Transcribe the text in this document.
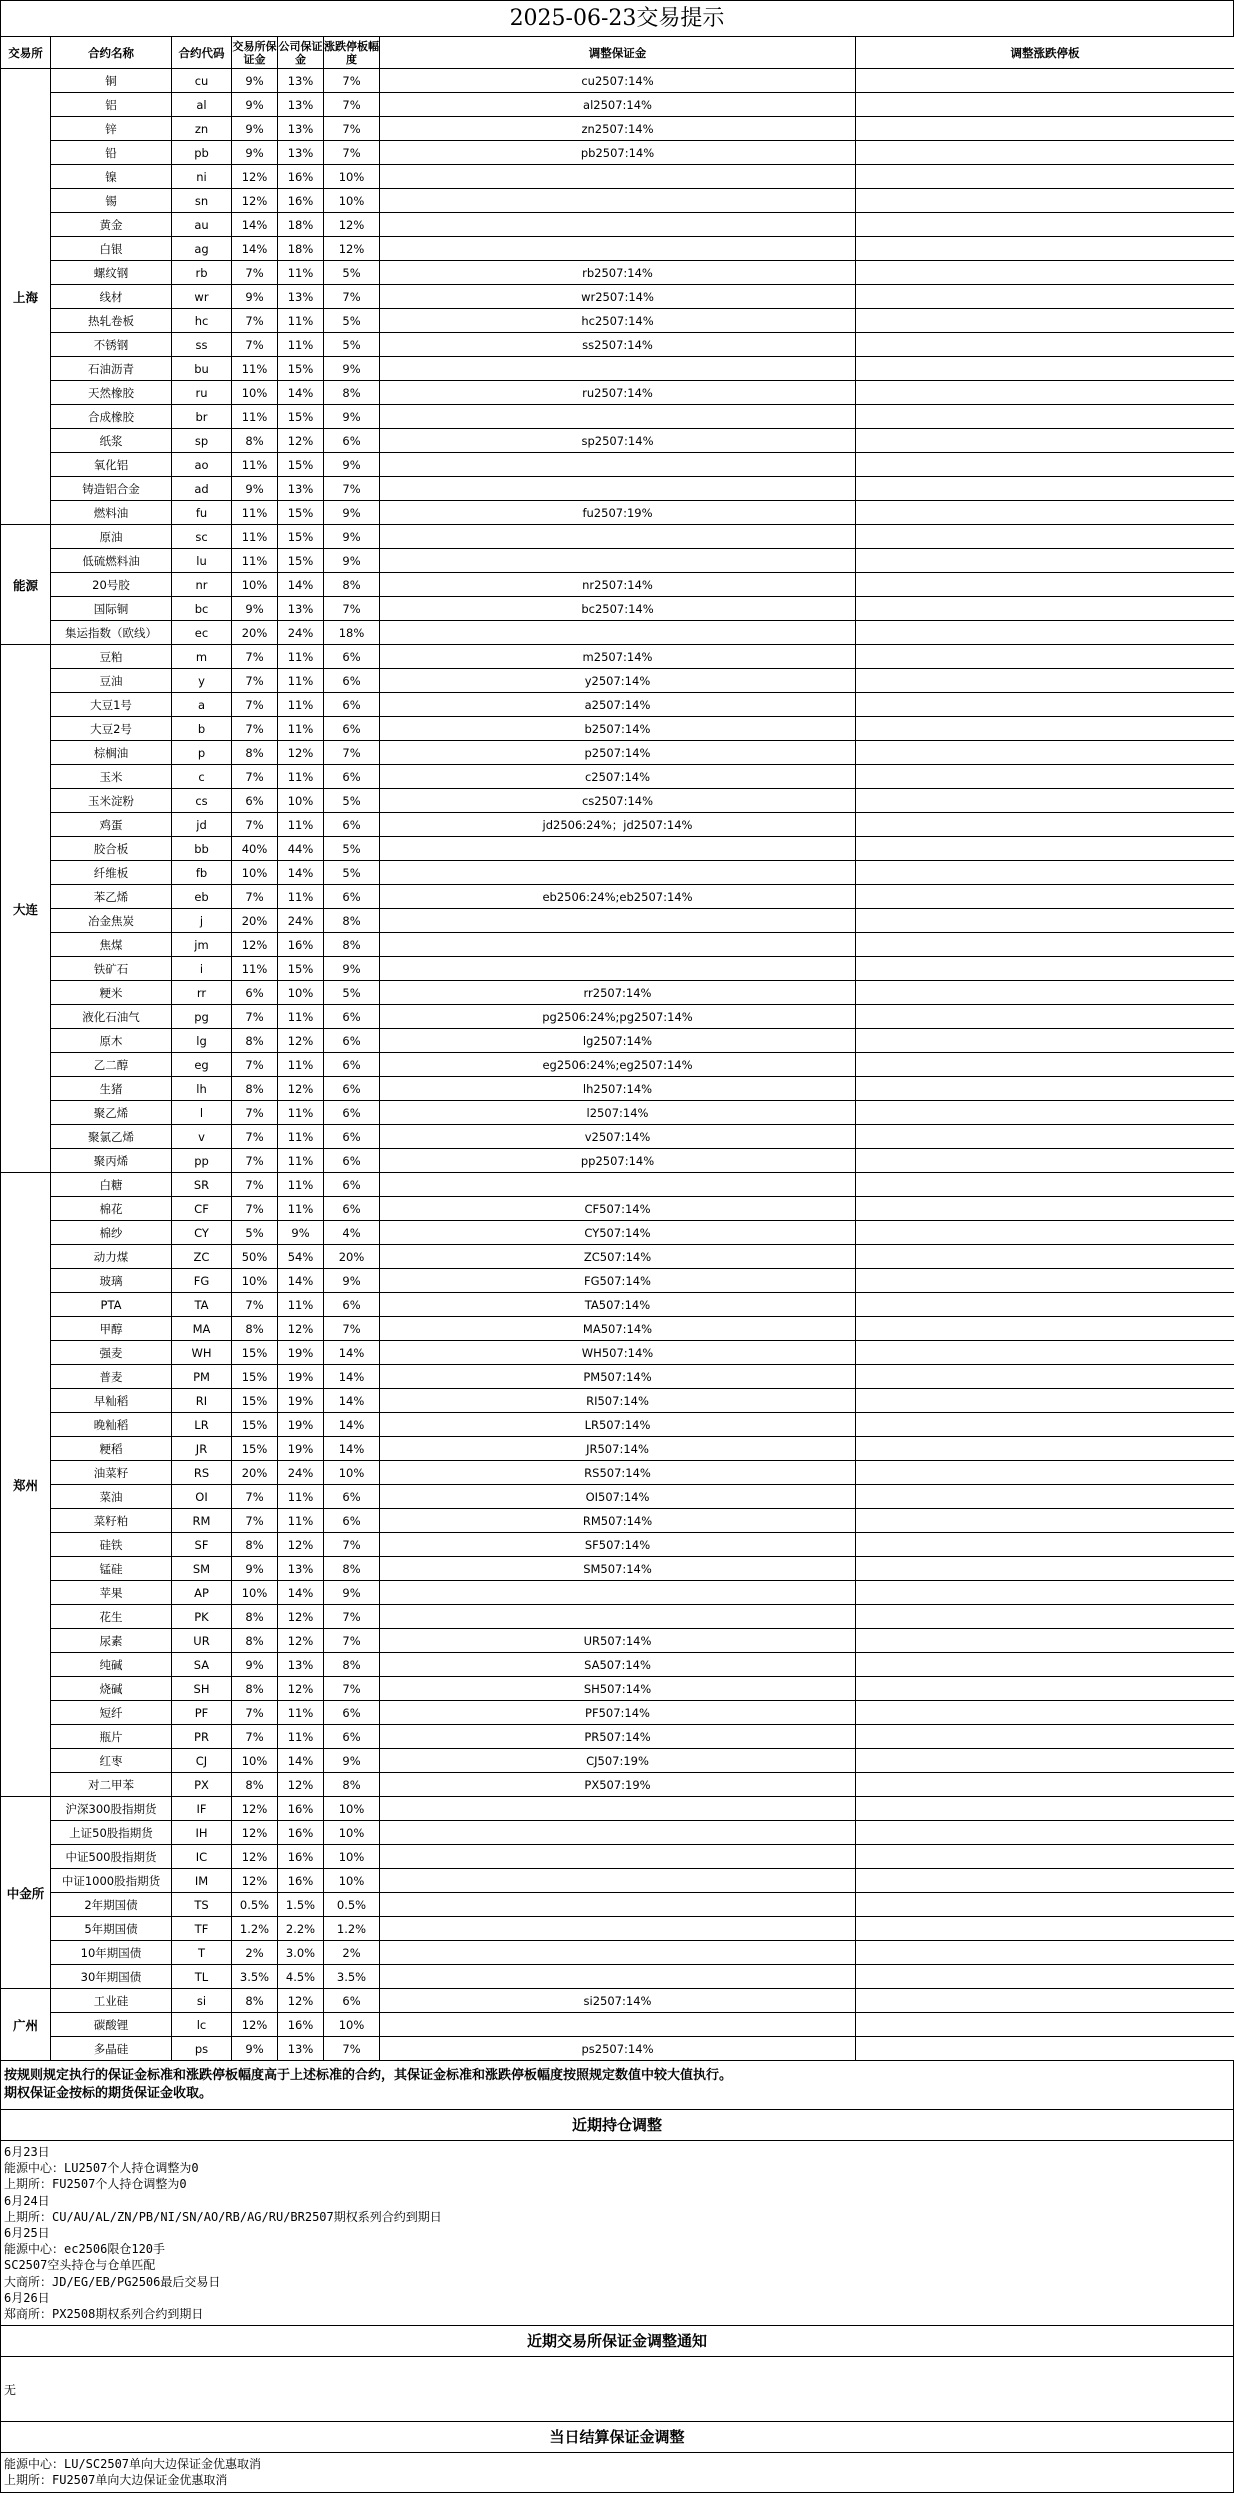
2025-06-23交易提示
交易所	合约名称	合约代码	交易所保证金	公司保证金	涨跌停板幅度	调整保证金	调整涨跌停板
上海	铜	cu	9%	13%	7%	cu2507:14%	
	铝	al	9%	13%	7%	al2507:14%	
	锌	zn	9%	13%	7%	zn2507:14%	
	铅	pb	9%	13%	7%	pb2507:14%	
	镍	ni	12%	16%	10%		
	锡	sn	12%	16%	10%		
	黄金	au	14%	18%	12%		
	白银	ag	14%	18%	12%		
	螺纹钢	rb	7%	11%	5%	rb2507:14%	
	线材	wr	9%	13%	7%	wr2507:14%	
	热轧卷板	hc	7%	11%	5%	hc2507:14%	
	不锈钢	ss	7%	11%	5%	ss2507:14%	
	石油沥青	bu	11%	15%	9%		
	天然橡胶	ru	10%	14%	8%	ru2507:14%	
	合成橡胶	br	11%	15%	9%		
	纸浆	sp	8%	12%	6%	sp2507:14%	
	氧化铝	ao	11%	15%	9%		
	铸造铝合金	ad	9%	13%	7%		
	燃料油	fu	11%	15%	9%	fu2507:19%	
能源	原油	sc	11%	15%	9%		
	低硫燃料油	lu	11%	15%	9%		
	20号胶	nr	10%	14%	8%	nr2507:14%	
	国际铜	bc	9%	13%	7%	bc2507:14%	
	集运指数（欧线）	ec	20%	24%	18%		
大连	豆粕	m	7%	11%	6%	m2507:14%	
	豆油	y	7%	11%	6%	y2507:14%	
	大豆1号	a	7%	11%	6%	a2507:14%	
	大豆2号	b	7%	11%	6%	b2507:14%	
	棕榈油	p	8%	12%	7%	p2507:14%	
	玉米	c	7%	11%	6%	c2507:14%	
	玉米淀粉	cs	6%	10%	5%	cs2507:14%	
	鸡蛋	jd	7%	11%	6%	jd2506:24%；jd2507:14%	
	胶合板	bb	40%	44%	5%		
	纤维板	fb	10%	14%	5%		
	苯乙烯	eb	7%	11%	6%	eb2506:24%;eb2507:14%	
	冶金焦炭	j	20%	24%	8%		
	焦煤	jm	12%	16%	8%		
	铁矿石	i	11%	15%	9%		
	粳米	rr	6%	10%	5%	rr2507:14%	
	液化石油气	pg	7%	11%	6%	pg2506:24%;pg2507:14%	
	原木	lg	8%	12%	6%	lg2507:14%	
	乙二醇	eg	7%	11%	6%	eg2506:24%;eg2507:14%	
	生猪	lh	8%	12%	6%	lh2507:14%	
	聚乙烯	l	7%	11%	6%	l2507:14%	
	聚氯乙烯	v	7%	11%	6%	v2507:14%	
	聚丙烯	pp	7%	11%	6%	pp2507:14%	
郑州	白糖	SR	7%	11%	6%		
	棉花	CF	7%	11%	6%	CF507:14%	
	棉纱	CY	5%	9%	4%	CY507:14%	
	动力煤	ZC	50%	54%	20%	ZC507:14%	
	玻璃	FG	10%	14%	9%	FG507:14%	
	PTA	TA	7%	11%	6%	TA507:14%	
	甲醇	MA	8%	12%	7%	MA507:14%	
	强麦	WH	15%	19%	14%	WH507:14%	
	普麦	PM	15%	19%	14%	PM507:14%	
	早籼稻	RI	15%	19%	14%	RI507:14%	
	晚籼稻	LR	15%	19%	14%	LR507:14%	
	粳稻	JR	15%	19%	14%	JR507:14%	
	油菜籽	RS	20%	24%	10%	RS507:14%	
	菜油	OI	7%	11%	6%	OI507:14%	
	菜籽粕	RM	7%	11%	6%	RM507:14%	
	硅铁	SF	8%	12%	7%	SF507:14%	
	锰硅	SM	9%	13%	8%	SM507:14%	
	苹果	AP	10%	14%	9%		
	花生	PK	8%	12%	7%		
	尿素	UR	8%	12%	7%	UR507:14%	
	纯碱	SA	9%	13%	8%	SA507:14%	
	烧碱	SH	8%	12%	7%	SH507:14%	
	短纤	PF	7%	11%	6%	PF507:14%	
	瓶片	PR	7%	11%	6%	PR507:14%	
	红枣	CJ	10%	14%	9%	CJ507:19%	
	对二甲苯	PX	8%	12%	8%	PX507:19%	
中金所	沪深300股指期货	IF	12%	16%	10%		
	上证50股指期货	IH	12%	16%	10%		
	中证500股指期货	IC	12%	16%	10%		
	中证1000股指期货	IM	12%	16%	10%		
	2年期国债	TS	0.5%	1.5%	0.5%		
	5年期国债	TF	1.2%	2.2%	1.2%		
	10年期国债	T	2%	3.0%	2%		
	30年期国债	TL	3.5%	4.5%	3.5%		
广州	工业硅	si	8%	12%	6%	si2507:14%	
	碳酸锂	lc	12%	16%	10%		
	多晶硅	ps	9%	13%	7%	ps2507:14%	
按规则规定执行的保证金标准和涨跌停板幅度高于上述标准的合约，其保证金标准和涨跌停板幅度按照规定数值中较大值执行。
期权保证金按标的期货保证金收取。
近期持仓调整
6月23日
能源中心：LU2507个人持仓调整为0
上期所：FU2507个人持仓调整为0
6月24日
上期所：CU/AU/AL/ZN/PB/NI/SN/AO/RB/AG/RU/BR2507期权系列合约到期日
6月25日
能源中心：ec2506限仓120手
SC2507空头持仓与仓单匹配
大商所：JD/EG/EB/PG2506最后交易日
6月26日
郑商所：PX2508期权系列合约到期日
近期交易所保证金调整通知
无
当日结算保证金调整
能源中心：LU/SC2507单向大边保证金优惠取消
上期所：FU2507单向大边保证金优惠取消
